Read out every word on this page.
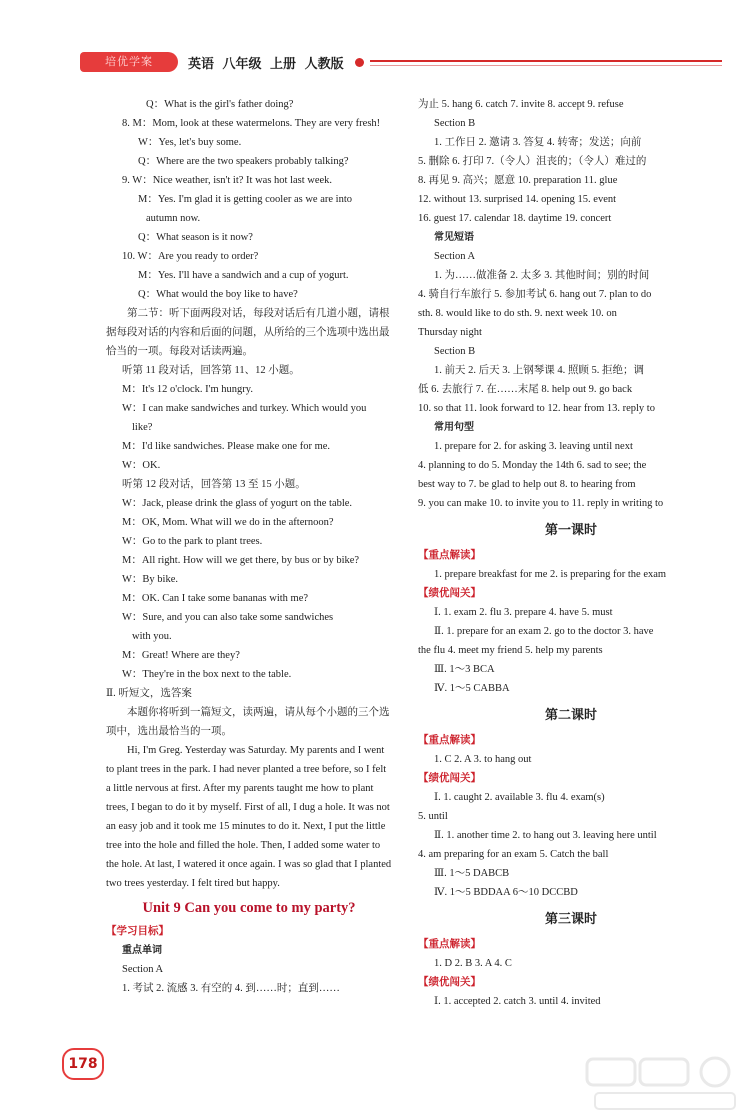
培优学案	英语 八年级 上册 人教版
Q：What is the girl's father doing?
8. M：Mom, look at these watermelons. They are very fresh!
W：Yes, let's buy some.
Q：Where are the two speakers probably talking?
9. W：Nice weather, isn't it? It was hot last week.
M：Yes. I'm glad it is getting cooler as we are into
autumn now.
Q：What season is it now?
10. W：Are you ready to order?
M：Yes. I'll have a sandwich and a cup of yogurt.
Q：What would the boy like to have?
第二节：听下面两段对话，每段对话后有几道小题，请根据每段对话的内容和后面的问题，从所给的三个选项中选出最恰当的一项。每段对话读两遍。
听第 11 段对话，回答第 11、12 小题。
M：It's 12 o'clock. I'm hungry.
W：I can make sandwiches and turkey. Which would you
like?
M：I'd like sandwiches. Please make one for me.
W：OK.
听第 12 段对话，回答第 13 至 15 小题。
W：Jack, please drink the glass of yogurt on the table.
M：OK, Mom. What will we do in the afternoon?
W：Go to the park to plant trees.
M：All right. How will we get there, by bus or by bike?
W：By bike.
M：OK. Can I take some bananas with me?
W：Sure, and you can also take some sandwiches
with you.
M：Great! Where are they?
W：They're in the box next to the table.
Ⅱ. 听短文，选答案
本题你将听到一篇短文，读两遍，请从每个小题的三个选项中，选出最恰当的一项。
Hi, I'm Greg. Yesterday was Saturday. My parents and I went to plant trees in the park. I had never planted a tree before, so I felt a little nervous at first. After my parents taught me how to plant trees, I began to do it by myself. First of all, I dug a hole. It was not an easy job and it took me 15 minutes to do it. Next, I put the little tree into the hole and filled the hole. Then, I added some water to the hole. At last, I watered it once again. I was so glad that I planted two trees yesterday. I felt tired but happy.
Unit 9 Can you come to my party?
【学习目标】
重点单词
Section A
1. 考试 2. 流感 3. 有空的 4. 到……时；直到……
为止 5. hang 6. catch 7. invite 8. accept 9. refuse
Section B
1. 工作日 2. 邀请 3. 答复 4. 转寄；发送；向前
5. 删除 6. 打印 7.（令人）沮丧的；（令人）难过的
8. 再见 9. 高兴；愿意 10. preparation 11. glue
12. without 13. surprised 14. opening 15. event
16. guest 17. calendar 18. daytime 19. concert
常见短语
Section A
1. 为……做准备 2. 太多 3. 其他时间；别的时间
4. 骑自行车旅行 5. 参加考试 6. hang out 7. plan to do
sth. 8. would like to do sth. 9. next week 10. on
Thursday night
Section B
1. 前天 2. 后天 3. 上钢琴课 4. 照顾 5. 拒绝；调
低 6. 去旅行 7. 在……末尾 8. help out 9. go back
10. so that 11. look forward to 12. hear from 13. reply to
常用句型
1. prepare for 2. for asking 3. leaving until next
4. planning to do 5. Monday the 14th 6. sad to see; the
best way to 7. be glad to help out 8. to hearing from
9. you can make 10. to invite you to 11. reply in writing to
第一课时
【重点解读】
1. prepare breakfast for me 2. is preparing for the exam
【绩优闯关】
Ⅰ. 1. exam 2. flu 3. prepare 4. have 5. must
Ⅱ. 1. prepare for an exam 2. go to the doctor 3. have
the flu 4. meet my friend 5. help my parents
Ⅲ. 1～3 BCA
Ⅳ. 1～5 CABBA
第二课时
【重点解读】
1. C 2. A 3. to hang out
【绩优闯关】
Ⅰ. 1. caught 2. available 3. flu 4. exam(s)
5. until
Ⅱ. 1. another time 2. to hang out 3. leaving here until
4. am preparing for an exam 5. Catch the ball
Ⅲ. 1～5 DABCB
Ⅳ. 1～5 BDDAA 6～10 DCCBD
第三课时
【重点解读】
1. D 2. B 3. A 4. C
【绩优闯关】
Ⅰ. 1. accepted 2. catch 3. until 4. invited
178
